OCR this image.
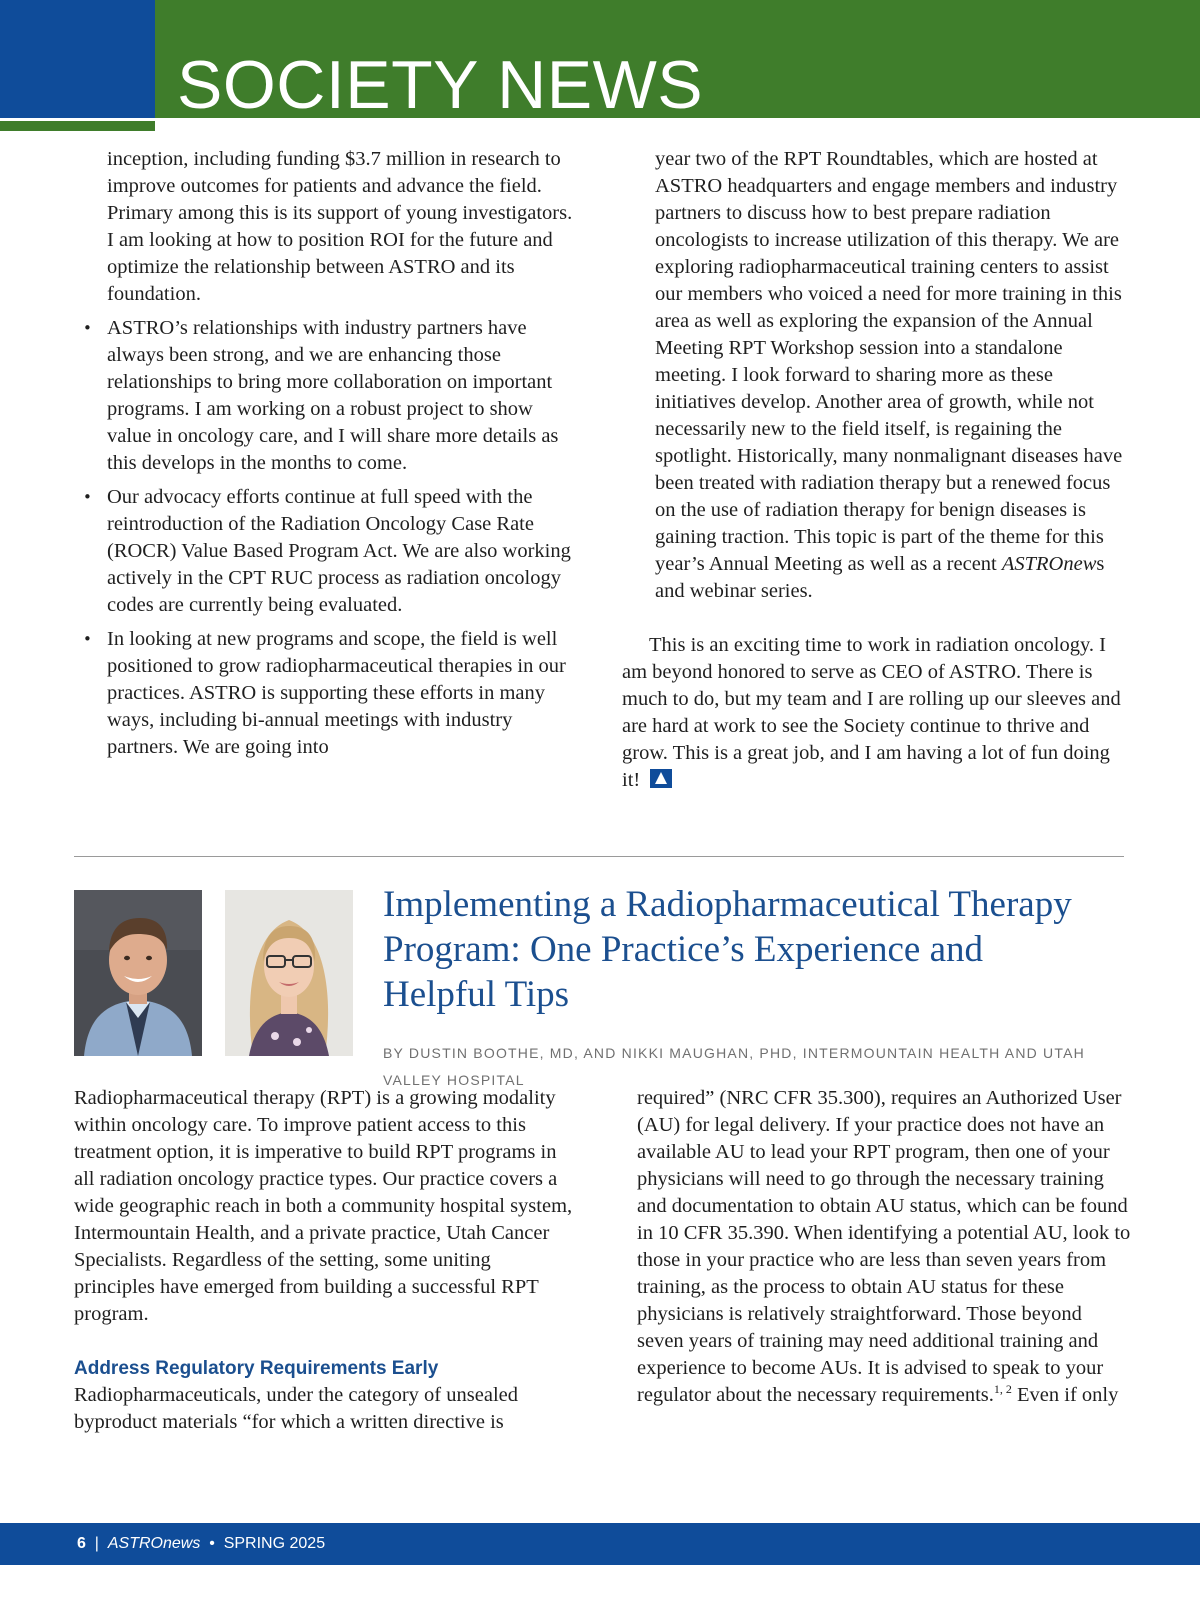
SOCIETY NEWS

inception, including funding $3.7 million in research to improve outcomes for patients and advance the field. Primary among this is its support of young investigators. I am looking at how to position ROI for the future and optimize the relationship between ASTRO and its foundation.

• ASTRO’s relationships with industry partners have always been strong, and we are enhancing those relationships to bring more collaboration on important programs. I am working on a robust project to show value in oncology care, and I will share more details as this develops in the months to come.
• Our advocacy efforts continue at full speed with the reintroduction of the Radiation Oncology Case Rate (ROCR) Value Based Program Act. We are also working actively in the CPT RUC process as radiation oncology codes are currently being evaluated.
• In looking at new programs and scope, the field is well positioned to grow radiopharmaceutical therapies in our practices. ASTRO is supporting these efforts in many ways, including bi-annual meetings with industry partners. We are going into

year two of the RPT Roundtables, which are hosted at ASTRO headquarters and engage members and industry partners to discuss how to best prepare radiation oncologists to increase utilization of this therapy. We are exploring radiopharmaceutical training centers to assist our members who voiced a need for more training in this area as well as exploring the expansion of the Annual Meeting RPT Workshop session into a standalone meeting. I look forward to sharing more as these initiatives develop. Another area of growth, while not necessarily new to the field itself, is regaining the spotlight. Historically, many nonmalignant diseases have been treated with radiation therapy but a renewed focus on the use of radiation therapy for benign diseases is gaining traction. This topic is part of the theme for this year’s Annual Meeting as well as a recent ASTROnews and webinar series.

This is an exciting time to work in radiation oncology. I am beyond honored to serve as CEO of ASTRO. There is much to do, but my team and I are rolling up our sleeves and are hard at work to see the Society continue to thrive and grow. This is a great job, and I am having a lot of fun doing it!

Implementing a Radiopharmaceutical Therapy Program: One Practice’s Experience and Helpful Tips
BY DUSTIN BOOTHE, MD, AND NIKKI MAUGHAN, PHD, INTERMOUNTAIN HEALTH AND UTAH VALLEY HOSPITAL

Radiopharmaceutical therapy (RPT) is a growing modality within oncology care. To improve patient access to this treatment option, it is imperative to build RPT programs in all radiation oncology practice types. Our practice covers a wide geographic reach in both a community hospital system, Intermountain Health, and a private practice, Utah Cancer Specialists. Regardless of the setting, some uniting principles have emerged from building a successful RPT program.

Address Regulatory Requirements Early

Radiopharmaceuticals, under the category of unsealed byproduct materials “for which a written directive is

required” (NRC CFR 35.300), requires an Authorized User (AU) for legal delivery. If your practice does not have an available AU to lead your RPT program, then one of your physicians will need to go through the necessary training and documentation to obtain AU status, which can be found in 10 CFR 35.390. When identifying a potential AU, look to those in your practice who are less than seven years from training, as the process to obtain AU status for these physicians is relatively straightforward. Those beyond seven years of training may need additional training and experience to become AUs. It is advised to speak to your regulator about the necessary requirements.$^{1, 2}$ Even if only

6 | ASTROnews • SPRING 2025
